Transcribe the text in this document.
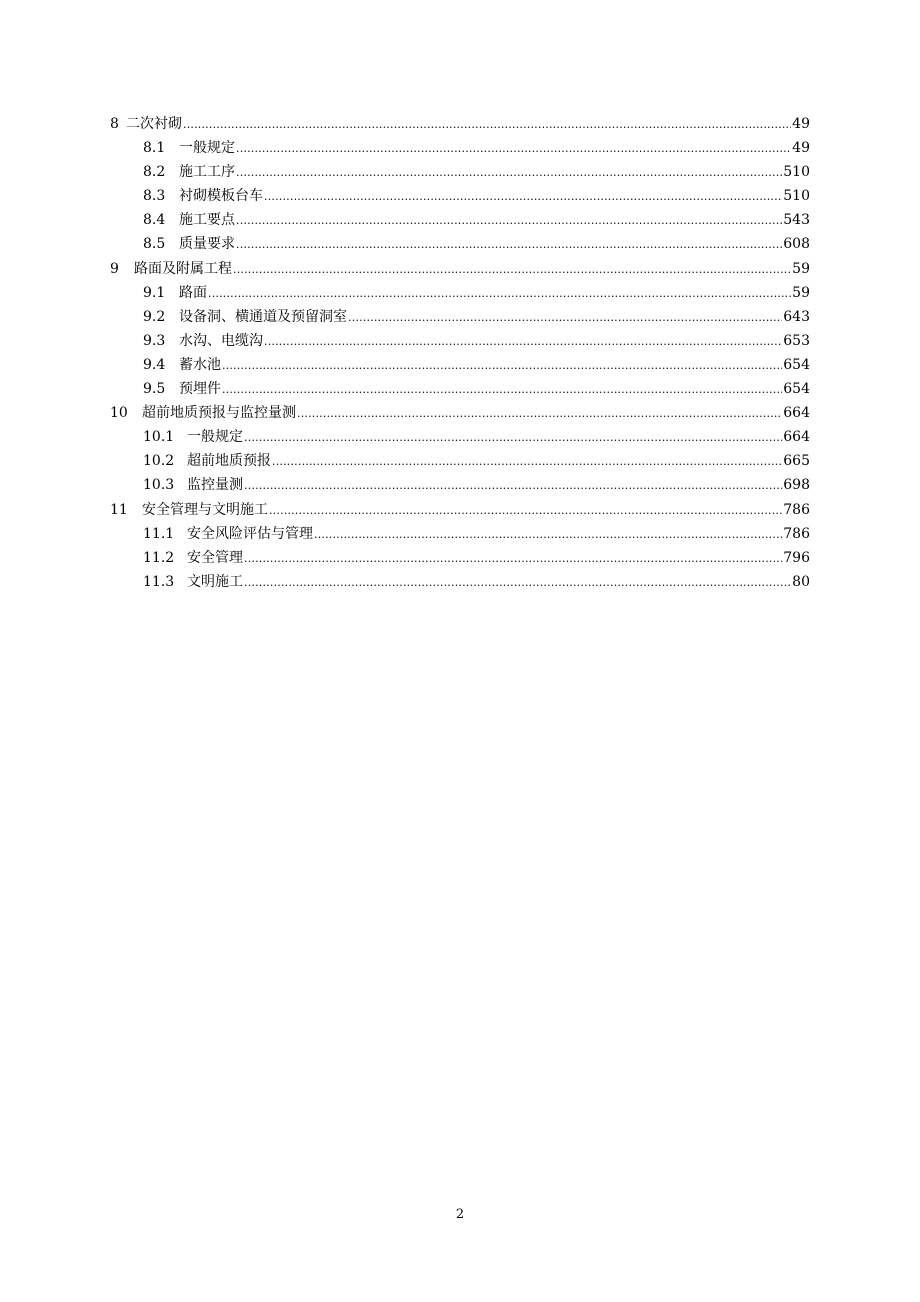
8 二次衬砌 .....	49
8.1 一般规定 .....	49
8.2 施工工序 .....	510
8.3 衬砌模板台车 .....	510
8.4 施工要点 .....	543
8.5 质量要求 .....	608
9	路面及附属工程 .....	59
9.1 路面 .....	59
9.2 设备洞、横通道及预留洞室 .....	643
9.3 水沟、电缆沟 .....	653
9.4 蓄水池 .....	654
9.5 预埋件 .....	654
10	超前地质预报与监控量测 .....	664
10.1 一般规定 .....	664
10.2 超前地质预报 .....	665
10.3 监控量测 .....	698
11	安全管理与文明施工 .....	786
11.1 安全风险评估与管理 .....	786
11.2 安全管理 .....	796
11.3 文明施工 .....	80
2
